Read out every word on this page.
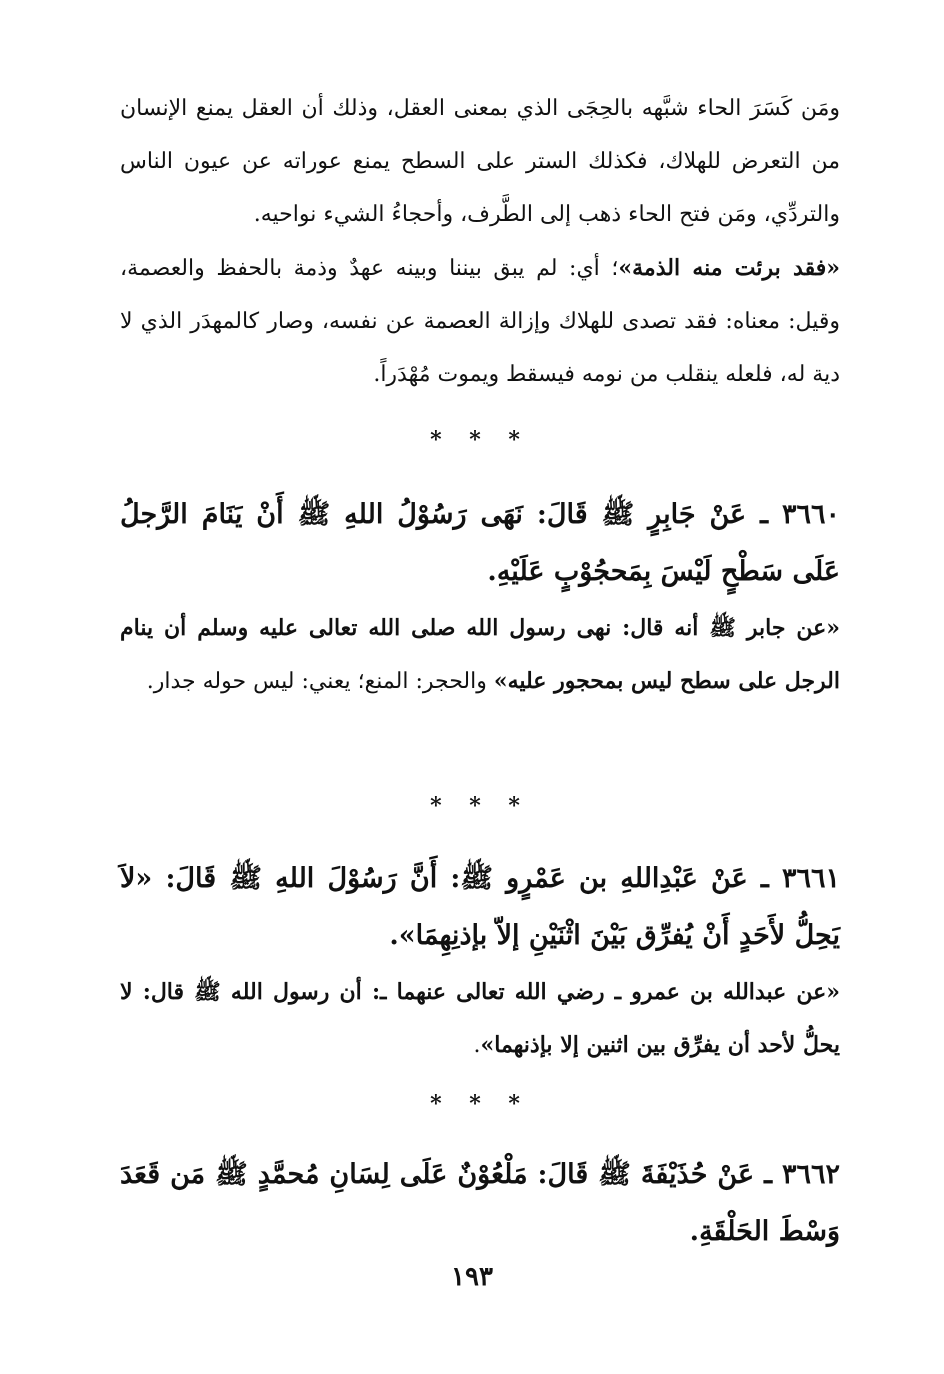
ومَن كَسَرَ الحاء شبَّهه بالحِجَى الذي بمعنى العقل، وذلك أن العقل يمنع الإنسان من التعرض للهلاك، فكذلك الستر على السطح يمنع عوراته عن عيون الناس والتردِّي، ومَن فتح الحاء ذهب إلى الطَّرف، وأحجاءُ الشيء نواحيه.

«فقد برئت منه الذمة»؛ أي: لم يبق بيننا وبينه عهدٌ وذمة بالحفظ والعصمة، وقيل: معناه: فقد تصدى للهلاك وإزالة العصمة عن نفسه، وصار كالمهدَر الذي لا دية له، فلعله ينقلب من نومه فيسقط ويموت مُهْدَراً.

* * *

٣٦٦٠ ـ عَنْ جَابِرٍ ﷺ قَالَ: نَهَى رَسُوْلُ اللهِ ﷺ أَنْ يَنَامَ الرَّجلُ عَلَى سَطْحٍ لَيْسَ بِمَحجُوْبٍ عَلَيْهِ.

«عن جابر ﷺ أنه قال: نهى رسول الله صلى الله تعالى عليه وسلم أن ينام الرجل على سطح ليس بمحجور عليه» والحجر: المنع؛ يعني: ليس حوله جدار.

* * *

٣٦٦١ ـ عَنْ عَبْدِاللهِ بن عَمْرٍو ﷺ: أَنَّ رَسُوْلَ اللهِ ﷺ قَالَ: «لاَ يَحِلُّ لأَحَدٍ أَنْ يُفرِّق بَيْنَ اثْنَيْنِ إلاّ بإذنِهِمَا».

«عن عبدالله بن عمرو ـ رضي الله تعالى عنهما ـ: أن رسول الله ﷺ قال: لا يحلُّ لأحد أن يفرِّق بين اثنين إلا بإذنهما».

* * *

٣٦٦٢ ـ عَنْ حُذَيْفَةَ ﷺ قَالَ: مَلْعُوْنٌ عَلَى لِسَانِ مُحمَّدٍ ﷺ مَن قَعَدَ وَسْطَ الحَلْقَةِ.

١٩٣
